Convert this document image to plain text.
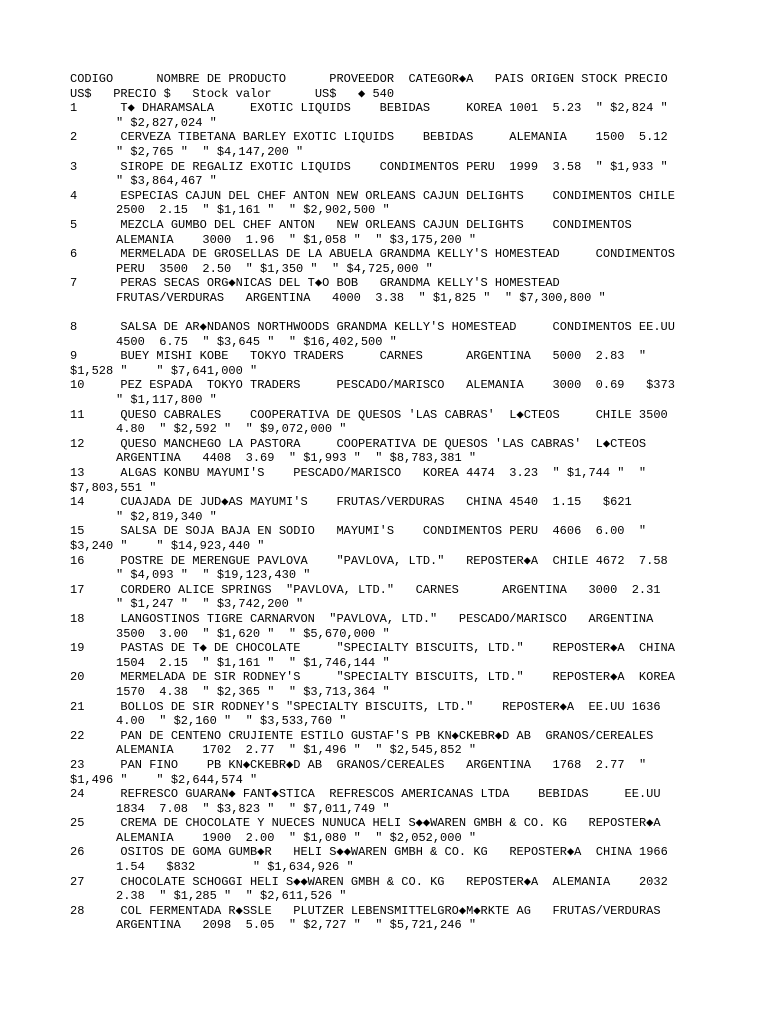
CODIGO      NOMBRE DE PRODUCTO      PROVEEDOR  CATEGOR◆A   PAIS ORIGEN STOCK PRECIO
US$   PRECIO $   Stock valor      US$   ◆ 540
1      T◆ DHARAMSALA     EXOTIC LIQUIDS    BEBIDAS     KOREA 1001  5.23  " $2,824 "
" $2,827,024 "
2      CERVEZA TIBETANA BARLEY EXOTIC LIQUIDS    BEBIDAS     ALEMANIA    1500  5.12
" $2,765 "  " $4,147,200 "
3      SIROPE DE REGALIZ EXOTIC LIQUIDS    CONDIMENTOS PERU  1999  3.58  " $1,933 "
" $3,864,467 "
4      ESPECIAS CAJUN DEL CHEF ANTON NEW ORLEANS CAJUN DELIGHTS    CONDIMENTOS CHILE
2500  2.15  " $1,161 "  " $2,902,500 "
5      MEZCLA GUMBO DEL CHEF ANTON   NEW ORLEANS CAJUN DELIGHTS    CONDIMENTOS
ALEMANIA    3000  1.96  " $1,058 "  " $3,175,200 "
6      MERMELADA DE GROSELLAS DE LA ABUELA GRANDMA KELLY'S HOMESTEAD     CONDIMENTOS
PERU  3500  2.50  " $1,350 "  " $4,725,000 "
7      PERAS SECAS ORG◆NICAS DEL T◆O BOB   GRANDMA KELLY'S HOMESTEAD
FRUTAS/VERDURAS   ARGENTINA   4000  3.38  " $1,825 "  " $7,300,800 "
8      SALSA DE AR◆NDANOS NORTHWOODS GRANDMA KELLY'S HOMESTEAD     CONDIMENTOS EE.UU
4500  6.75  " $3,645 "  " $16,402,500 "
9      BUEY MISHI KOBE   TOKYO TRADERS     CARNES      ARGENTINA   5000  2.83  "
$1,528 "    " $7,641,000 "
10     PEZ ESPADA  TOKYO TRADERS     PESCADO/MARISCO   ALEMANIA    3000  0.69   $373
" $1,117,800 "
11     QUESO CABRALES    COOPERATIVA DE QUESOS 'LAS CABRAS'  L◆CTEOS     CHILE 3500
4.80  " $2,592 "  " $9,072,000 "
12     QUESO MANCHEGO LA PASTORA     COOPERATIVA DE QUESOS 'LAS CABRAS'  L◆CTEOS
ARGENTINA   4408  3.69  " $1,993 "  " $8,783,381 "
13     ALGAS KONBU MAYUMI'S    PESCADO/MARISCO   KOREA 4474  3.23  " $1,744 "  "
$7,803,551 "
14     CUAJADA DE JUD◆AS MAYUMI'S    FRUTAS/VERDURAS   CHINA 4540  1.15   $621
" $2,819,340 "
15     SALSA DE SOJA BAJA EN SODIO   MAYUMI'S    CONDIMENTOS PERU  4606  6.00  "
$3,240 "    " $14,923,440 "
16     POSTRE DE MERENGUE PAVLOVA    "PAVLOVA, LTD."   REPOSTER◆A  CHILE 4672  7.58
" $4,093 "  " $19,123,430 "
17     CORDERO ALICE SPRINGS  "PAVLOVA, LTD."   CARNES      ARGENTINA   3000  2.31
" $1,247 "  " $3,742,200 "
18     LANGOSTINOS TIGRE CARNARVON  "PAVLOVA, LTD."   PESCADO/MARISCO   ARGENTINA
3500  3.00  " $1,620 "  " $5,670,000 "
19     PASTAS DE T◆ DE CHOCOLATE     "SPECIALTY BISCUITS, LTD."    REPOSTER◆A  CHINA
1504  2.15  " $1,161 "  " $1,746,144 "
20     MERMELADA DE SIR RODNEY'S     "SPECIALTY BISCUITS, LTD."    REPOSTER◆A  KOREA
1570  4.38  " $2,365 "  " $3,713,364 "
21     BOLLOS DE SIR RODNEY'S "SPECIALTY BISCUITS, LTD."    REPOSTER◆A  EE.UU 1636
4.00  " $2,160 "  " $3,533,760 "
22     PAN DE CENTENO CRUJIENTE ESTILO GUSTAF'S PB KN◆CKEBR◆D AB  GRANOS/CEREALES
ALEMANIA    1702  2.77  " $1,496 "  " $2,545,852 "
23     PAN FINO    PB KN◆CKEBR◆D AB  GRANOS/CEREALES   ARGENTINA   1768  2.77  "
$1,496 "    " $2,644,574 "
24     REFRESCO GUARAN◆ FANT◆STICA  REFRESCOS AMERICANAS LTDA    BEBIDAS     EE.UU
1834  7.08  " $3,823 "  " $7,011,749 "
25     CREMA DE CHOCOLATE Y NUECES NUNUCA HELI S◆◆WAREN GMBH & CO. KG   REPOSTER◆A
ALEMANIA    1900  2.00  " $1,080 "  " $2,052,000 "
26     OSITOS DE GOMA GUMB◆R   HELI S◆◆WAREN GMBH & CO. KG   REPOSTER◆A  CHINA 1966
1.54   $832        " $1,634,926 "
27     CHOCOLATE SCHOGGI HELI S◆◆WAREN GMBH & CO. KG   REPOSTER◆A  ALEMANIA    2032
2.38  " $1,285 "  " $2,611,526 "
28     COL FERMENTADA R◆SSLE   PLUTZER LEBENSMITTELGRO◆M◆RKTE AG   FRUTAS/VERDURAS
ARGENTINA   2098  5.05  " $2,727 "  " $5,721,246 "
